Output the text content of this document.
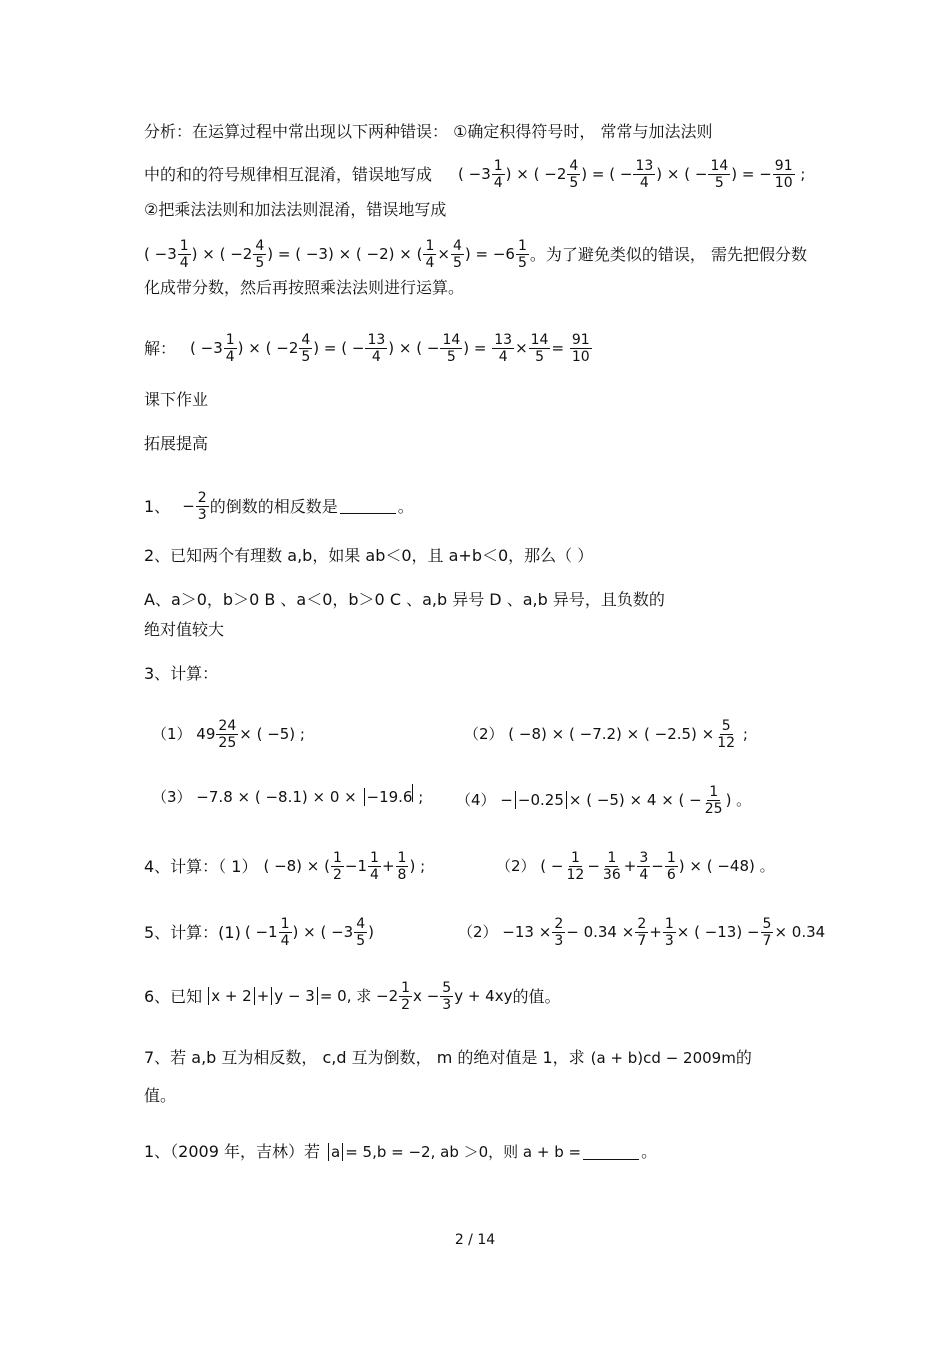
分析：在运算过程中常出现以下两种错误： ①确定积得符号时， 常常与加法法则
中的和的符号规律相互混淆，错误地写成 ( $-3 \frac{1}{4}$ ) × ( $-2 \frac{4}{5}$ ) = ( − $\frac{13}{4}$ ) × ( − $\frac{14}{5}$ ) = − $\frac{91}{10}$ ;
②把乘法法则和加法法则混淆，错误地写成
( $-3 \frac{1}{4}$ ) × ( $-2 \frac{4}{5}$ ) = ( −3) × ( −2) × ( $\frac{1}{4} \times \frac{4}{5}$ ) = $-6 \frac{1}{5}$ 。为了避免类似的错误， 需先把假分数
化成带分数，然后再按照乘法法则进行运算。
解： ( $-3 \frac{1}{4}$ ) × ( $-2 \frac{4}{5}$ ) = ( − $\frac{13}{4}$ ) × ( − $\frac{14}{5}$ ) = $\frac{13}{4} \times \frac{14}{5} = \frac{91}{10}$
课下作业
拓展提高
1、 − $\frac{2}{3}$ 的倒数的相反数是	。
2、已知两个有理数 a,b，如果 ab＜0，且 a+b＜0，那么（ ）
A、a＞0，b＞0 B 、a＜0，b＞0 C 、a,b 异号 D 、a,b 异号，且负数的
绝对值较大
3、计算：
（1） $49 \frac{24}{25}$ × ( −5) ;	（2） ( −8) × ( −7.2) × ( $-2.5) \times \frac{5}{12}$ ;
（3） −7.8 × ( −8.1) × 0 × −19.6 ; （4） − −0.25 × ( −5) × 4 × ( − $\frac{1}{25}$ ) 。
4、计算：（ 1） ( −8) × ( $\frac{1}{2} -1 \frac{1}{4} + \frac{1}{8}$ ) ;	（2） ( − $\frac{1}{12} - \frac{1}{36} + \frac{3}{4} - \frac{1}{6}$ ) × ( −48) 。
5、计算：(1) ( $-1 \frac{1}{4}$ ) × ( $-3 \frac{4}{5}$ )	$(2) -13 \times \frac{2}{3} - 0.34 \times \frac{2}{7} + \frac{1}{3}$ × ( $-13) - \frac{5}{7} \times 0.34$
6、已知 x + 2 + y − 3 = 0, 求 $-2 \frac{1}{2}$ $x - \frac{5}{3}$ y + 4xy 的值。
7、若 a,b 互为相反数， c,d 互为倒数， m 的绝对值是 1，求 (a + b)cd − 2009m 的
值。
1、（2009 年，吉林）若 a = 5,b = −2, ab ＞0，则 a + b =	。
2 / 14
